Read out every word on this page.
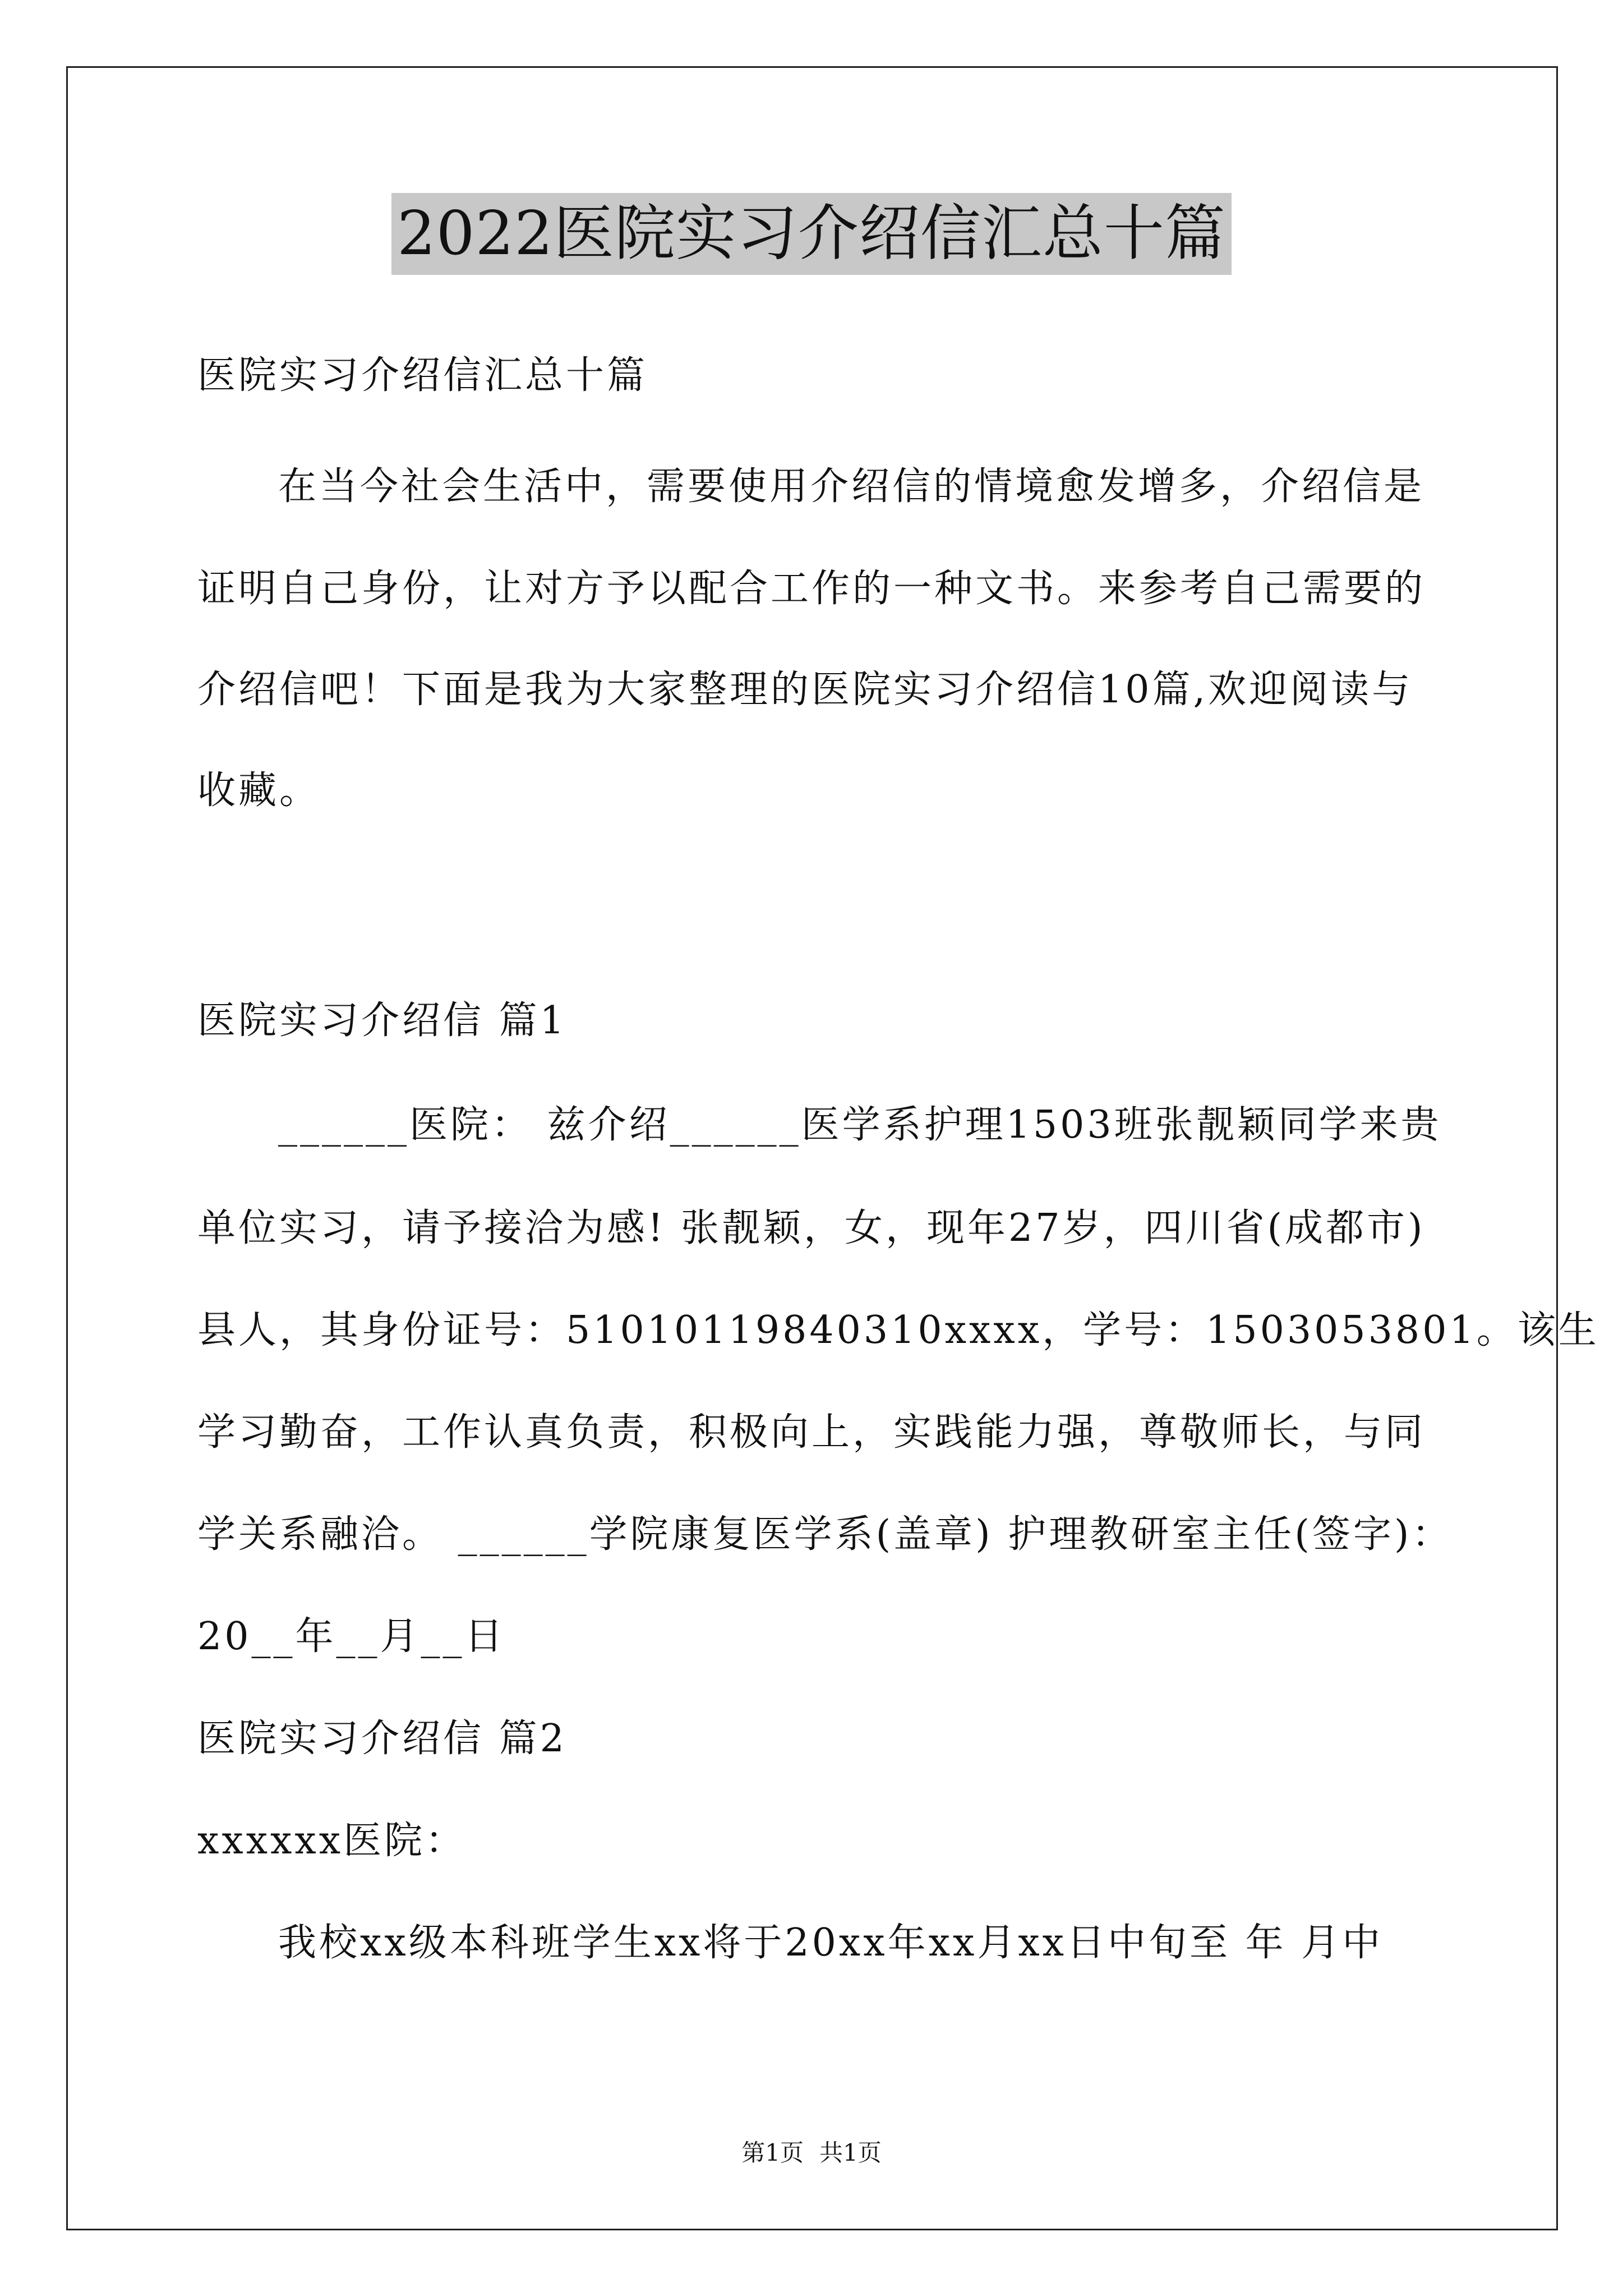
2022医院实习介绍信汇总十篇

医院实习介绍信汇总十篇

在当今社会生活中，需要使用介绍信的情境愈发增多，介绍信是

证明自己身份，让对方予以配合工作的一种文书。来参考自己需要的

介绍信吧！下面是我为大家整理的医院实习介绍信10篇,欢迎阅读与

收藏。

医院实习介绍信 篇1

______医院： 兹介绍______医学系护理1503班张靓颖同学来贵

单位实习，请予接洽为感! 张靓颖，女，现年27岁，四川省(成都市)

县人，其身份证号：51010119840310xxxx，学号：1503053801。该生

学习勤奋，工作认真负责，积极向上，实践能力强，尊敬师长，与同

学关系融洽。 ______学院康复医学系(盖章) 护理教研室主任(签字)：

20__年__月__日

医院实习介绍信 篇2

xxxxxx医院：

我校xx级本科班学生xx将于20xx年xx月xx日中旬至 年 月中

第1页 共1页
